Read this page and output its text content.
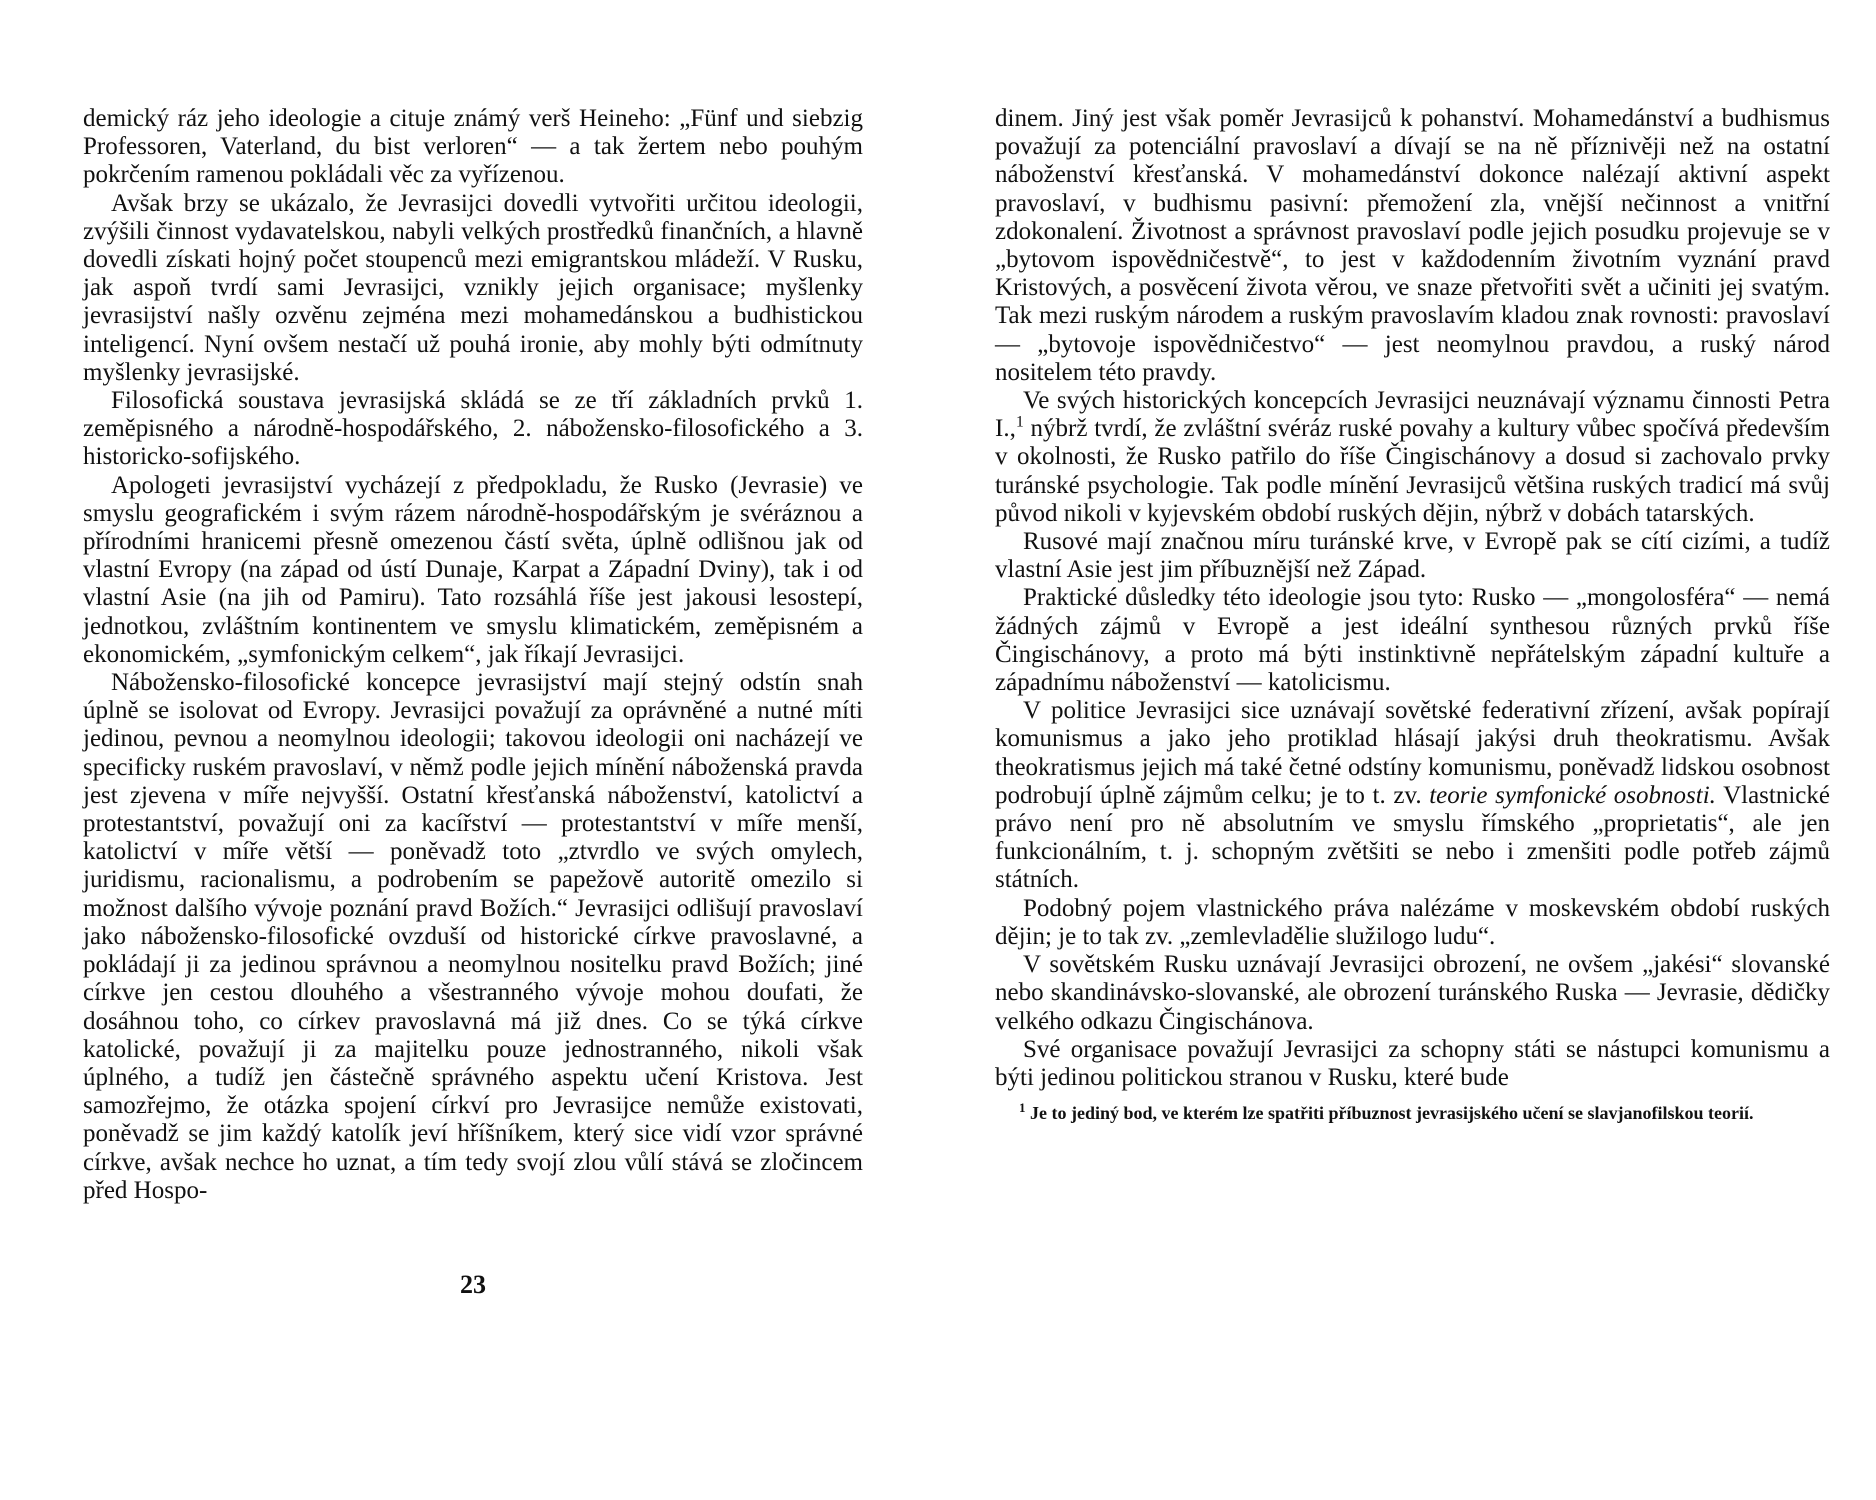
demický ráz jeho ideologie a cituje známý verš Heineho: „Fünf und siebzig Professoren, Vaterland, du bist verloren“ — a tak žertem nebo pouhým pokrčením ramenou pokládali věc za vyřízenou.

Avšak brzy se ukázalo, že Jevrasijci dovedli vytvořiti určitou ideologii, zvýšili činnost vydavatelskou, nabyli velkých prostředků finančních, a hlavně dovedli získati hojný počet stoupenců mezi emigrantskou mládeží. V Rusku, jak aspoň tvrdí sami Jevrasijci, vznikly jejich organisace; myšlenky jevrasijství našly ozvěnu zejména mezi mohamedánskou a budhistickou inteligencí. Nyní ovšem nestačí už pouhá ironie, aby mohly býti odmítnuty myšlenky jevrasijské.

Filosofická soustava jevrasijská skládá se ze tří základních prvků 1. zeměpisného a národně-hospodářského, 2. nábožensko-filosofického a 3. historicko-sofijského.

Apologeti jevrasijství vycházejí z předpokladu, že Rusko (Jevrasie) ve smyslu geografickém i svým rázem národně-hospodářským je svéráznou a přírodními hranicemi přesně omezenou částí světa, úplně odlišnou jak od vlastní Evropy (na západ od ústí Dunaje, Karpat a Západní Dviny), tak i od vlastní Asie (na jih od Pamiru). Tato rozsáhlá říše jest jakousi lesostepí, jednotkou, zvláštním kontinentem ve smyslu klimatickém, zeměpisném a ekonomickém, „symfonickým celkem“, jak říkají Jevrasijci.

Nábožensko-filosofické koncepce jevrasijství mají stejný odstín snah úplně se isolovat od Evropy. Jevrasijci považují za oprávněné a nutné míti jedinou, pevnou a neomylnou ideologii; takovou ideologii oni nacházejí ve specificky ruském pravoslaví, v němž podle jejich mínění náboženská pravda jest zjevena v míře nejvyšší. Ostatní křesťanská náboženství, katolictví a protestantství, považují oni za kacířství — protestantství v míře menší, katolictví v míře větší — poněvadž toto „ztvrdlo ve svých omylech, juridismu, racionalismu, a podrobením se papežově autoritě omezilo si možnost dalšího vývoje poznání pravd Božích.“ Jevrasijci odlišují pravoslaví jako nábožensko-filosofické ovzduší od historické církve pravoslavné, a pokládají ji za jedinou správnou a neomylnou nositelku pravd Božích; jiné církve jen cestou dlouhého a všestranného vývoje mohou doufati, že dosáhnou toho, co církev pravoslavná má již dnes. Co se týká církve katolické, považují ji za majitelku pouze jednostranného, nikoli však úplného, a tudíž jen částečně správného aspektu učení Kristova. Jest samozřejmo, že otázka spojení církví pro Jevrasijce nemůže existovati, poněvadž se jim každý katolík jeví hříšníkem, který sice vidí vzor správné církve, avšak nechce ho uznat, a tím tedy svojí zlou vůlí stává se zločincem před Hospo-

23

dinem. Jiný jest však poměr Jevrasijců k pohanství. Mohamedánství a budhismus považují za potenciální pravoslaví a dívají se na ně příznivěji než na ostatní náboženství křesťanská. V mohamedánství dokonce nalézají aktivní aspekt pravoslaví, v budhismu pasivní: přemožení zla, vnější nečinnost a vnitřní zdokonalení. Životnost a správnost pravoslaví podle jejich posudku projevuje se v „bytovom ispovědničestvě“, to jest v každodenním životním vyznání pravd Kristových, a posvěcení života věrou, ve snaze přetvořiti svět a učiniti jej svatým. Tak mezi ruským národem a ruským pravoslavím kladou znak rovnosti: pravoslaví — „bytovoje ispovědničestvo“ — jest neomylnou pravdou, a ruský národ nositelem této pravdy.

Ve svých historických koncepcích Jevrasijci neuznávají významu činnosti Petra I.,$^1$ nýbrž tvrdí, že zvláštní svéráz ruské povahy a kultury vůbec spočívá především v okolnosti, že Rusko patřilo do říše Čingischánovy a dosud si zachovalo prvky turánské psychologie. Tak podle mínění Jevrasijců většina ruských tradicí má svůj původ nikoli v kyjevském období ruských dějin, nýbrž v dobách tatarských.

Rusové mají značnou míru turánské krve, v Evropě pak se cítí cizími, a tudíž vlastní Asie jest jim příbuznější než Západ.

Praktické důsledky této ideologie jsou tyto: Rusko — „mongolosféra“ — nemá žádných zájmů v Evropě a jest ideální synthesou různých prvků říše Čingischánovy, a proto má býti instinktivně nepřátelským západní kultuře a západnímu náboženství — katolicismu.

V politice Jevrasijci sice uznávají sovětské federativní zřízení, avšak popírají komunismus a jako jeho protiklad hlásají jakýsi druh theokratismu. Avšak theokratismus jejich má také četné odstíny komunismu, poněvadž lidskou osobnost podrobují úplně zájmům celku; je to t. zv. teorie symfonické osobnosti. Vlastnické právo není pro ně absolutním ve smyslu římského „proprietatis“, ale jen funkcionálním, t. j. schopným zvětšiti se nebo i zmenšiti podle potřeb zájmů státních.

Podobný pojem vlastnického práva nalézáme v moskevském období ruských dějin; je to tak zv. „zemlevladělie služilogo ludu“.

V sovětském Rusku uznávají Jevrasijci obrození, ne ovšem „jakési“ slovanské nebo skandinávsko-slovanské, ale obrození turánského Ruska — Jevrasie, dědičky velkého odkazu Čingischánova.

Své organisace považují Jevrasijci za schopny státi se nástupci komunismu a býti jedinou politickou stranou v Rusku, které bude

$^1$ Je to jediný bod, ve kterém lze spatřiti příbuznost jevrasijského učení se slavjanofilskou teorií.
